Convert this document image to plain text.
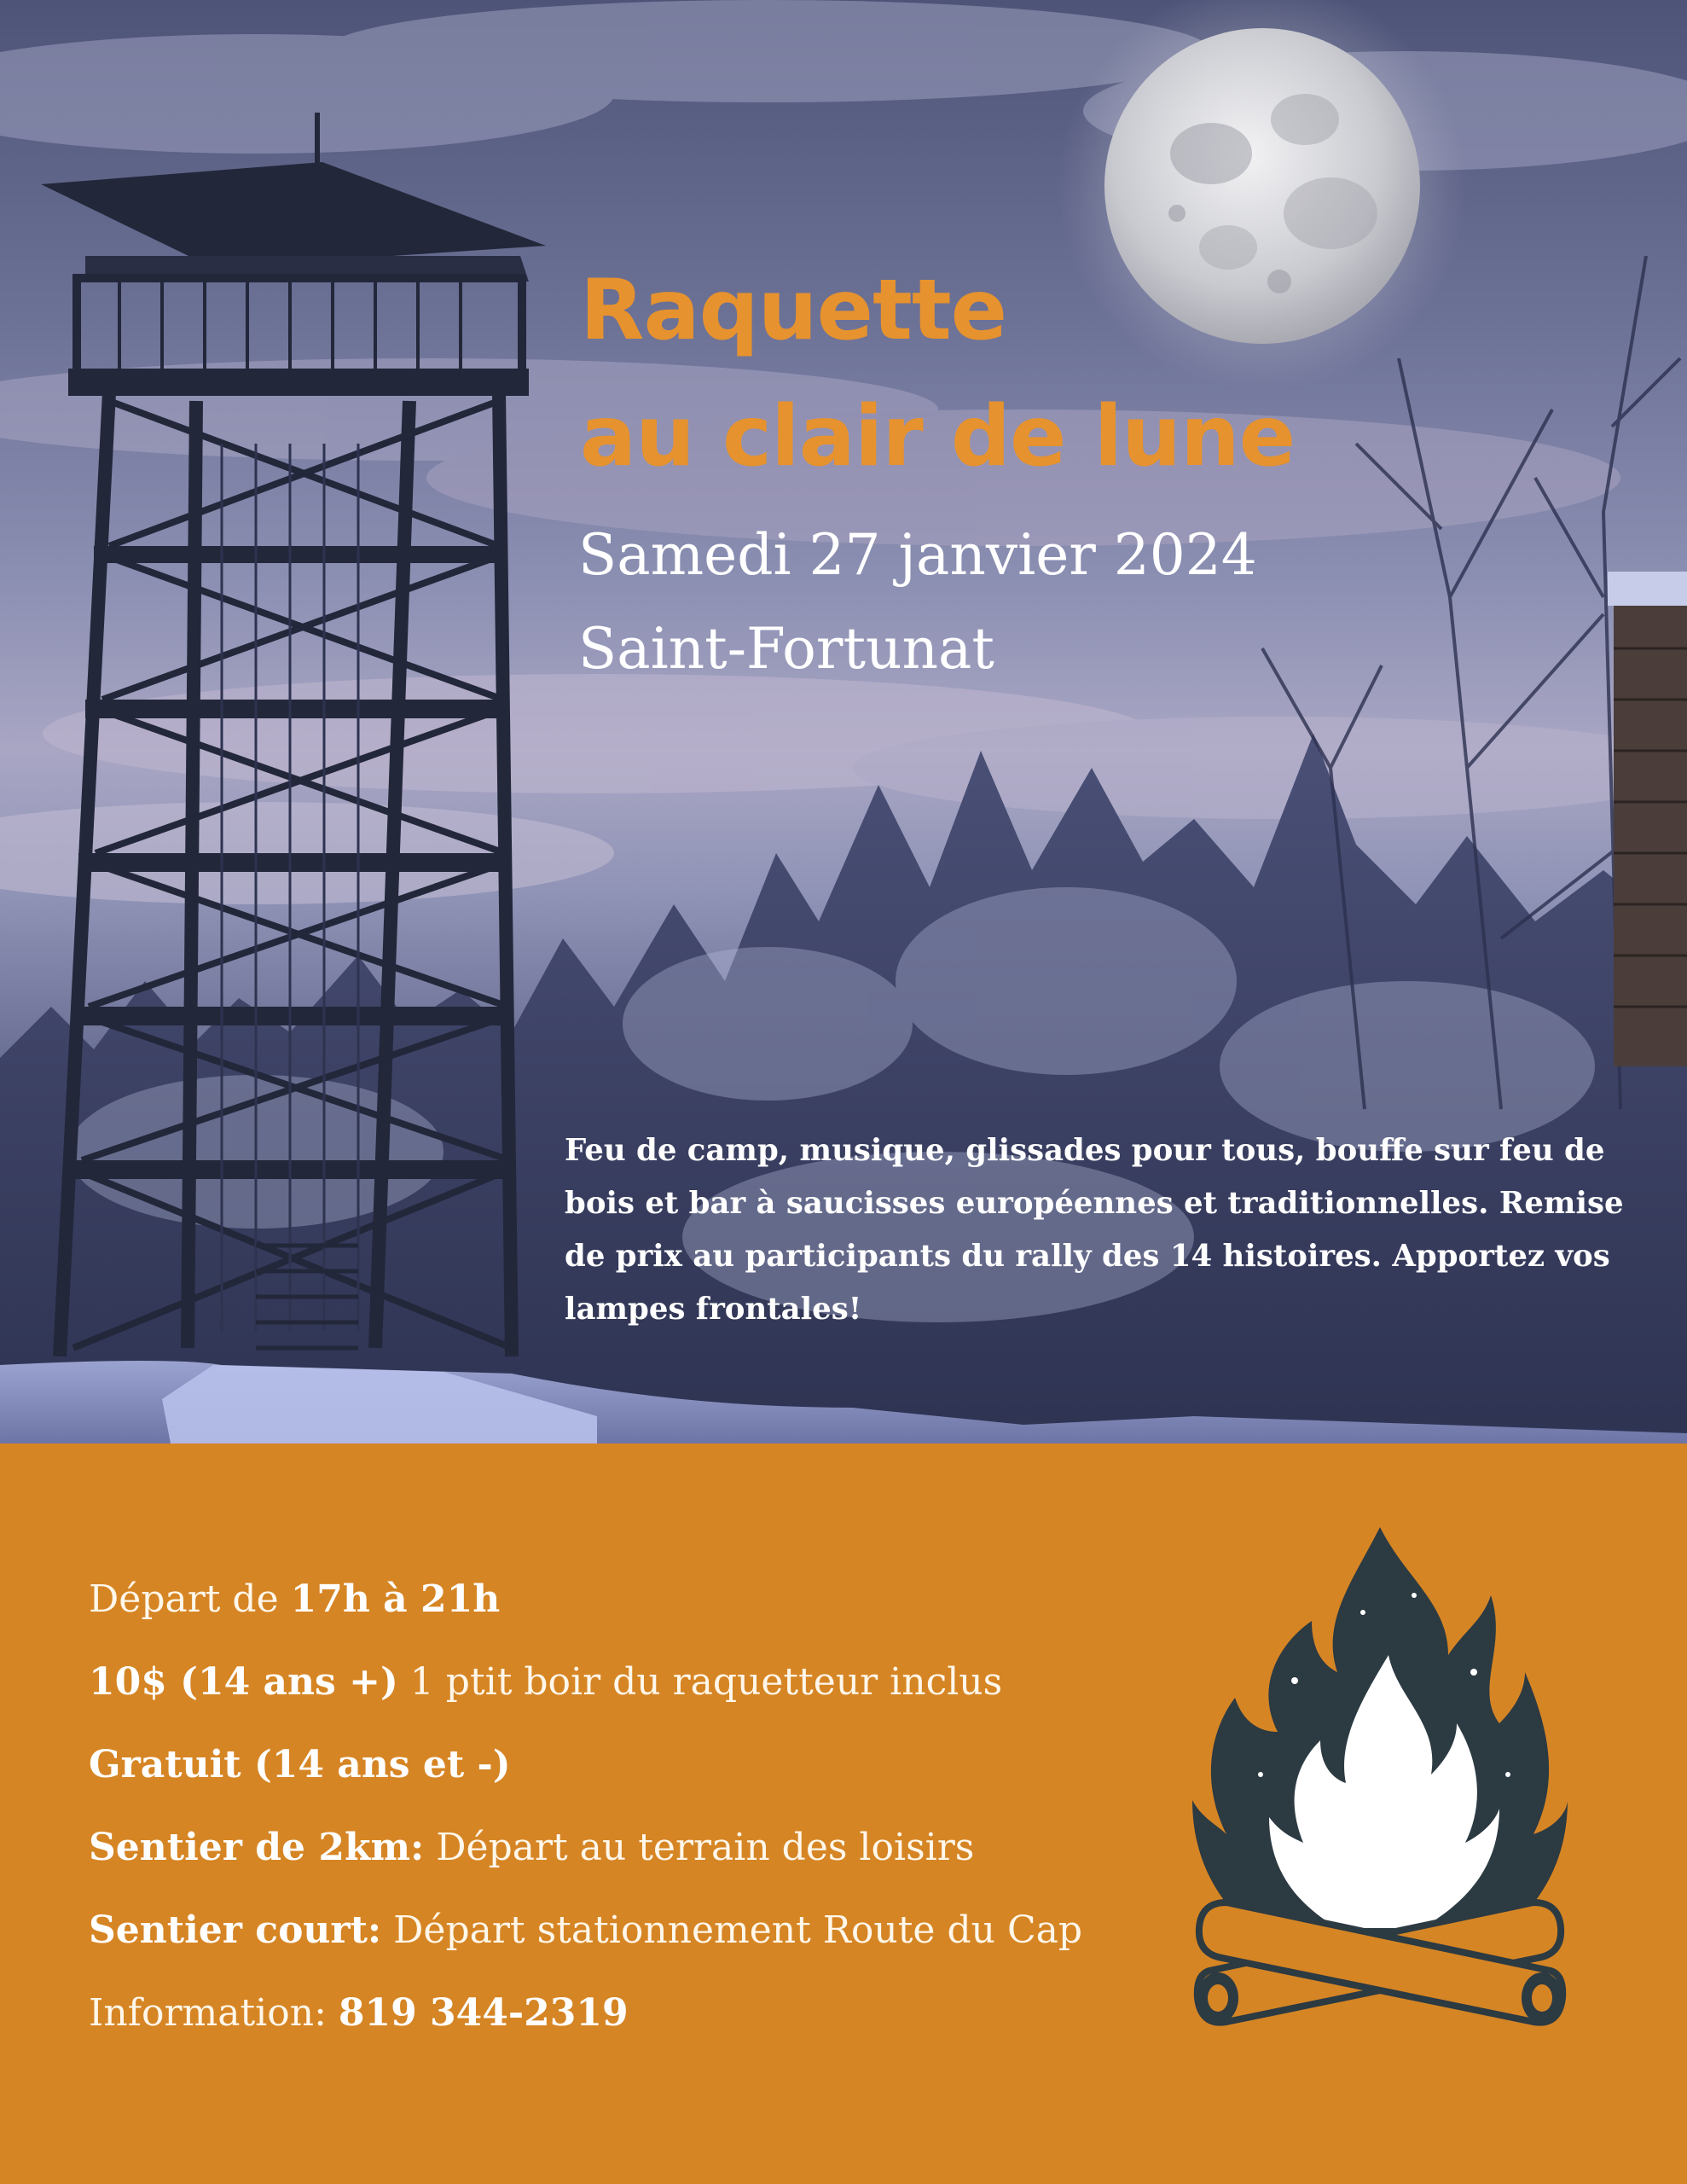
Raquette
au clair de lune

Samedi 27 janvier 2024

Saint-Fortunat

Feu de camp, musique, glissades pour tous, bouffe sur feu de bois et bar à saucisses européennes et traditionnelles. Remise de prix au participants du rally des 14 histoires. Apportez vos lampes frontales!

Départ de 17h à 21h
10$ (14 ans +) 1 ptit boir du raquetteur inclus
Gratuit (14 ans et -)
Sentier de 2km: Départ au terrain des loisirs
Sentier court: Départ stationnement Route du Cap
Information: 819 344-2319
